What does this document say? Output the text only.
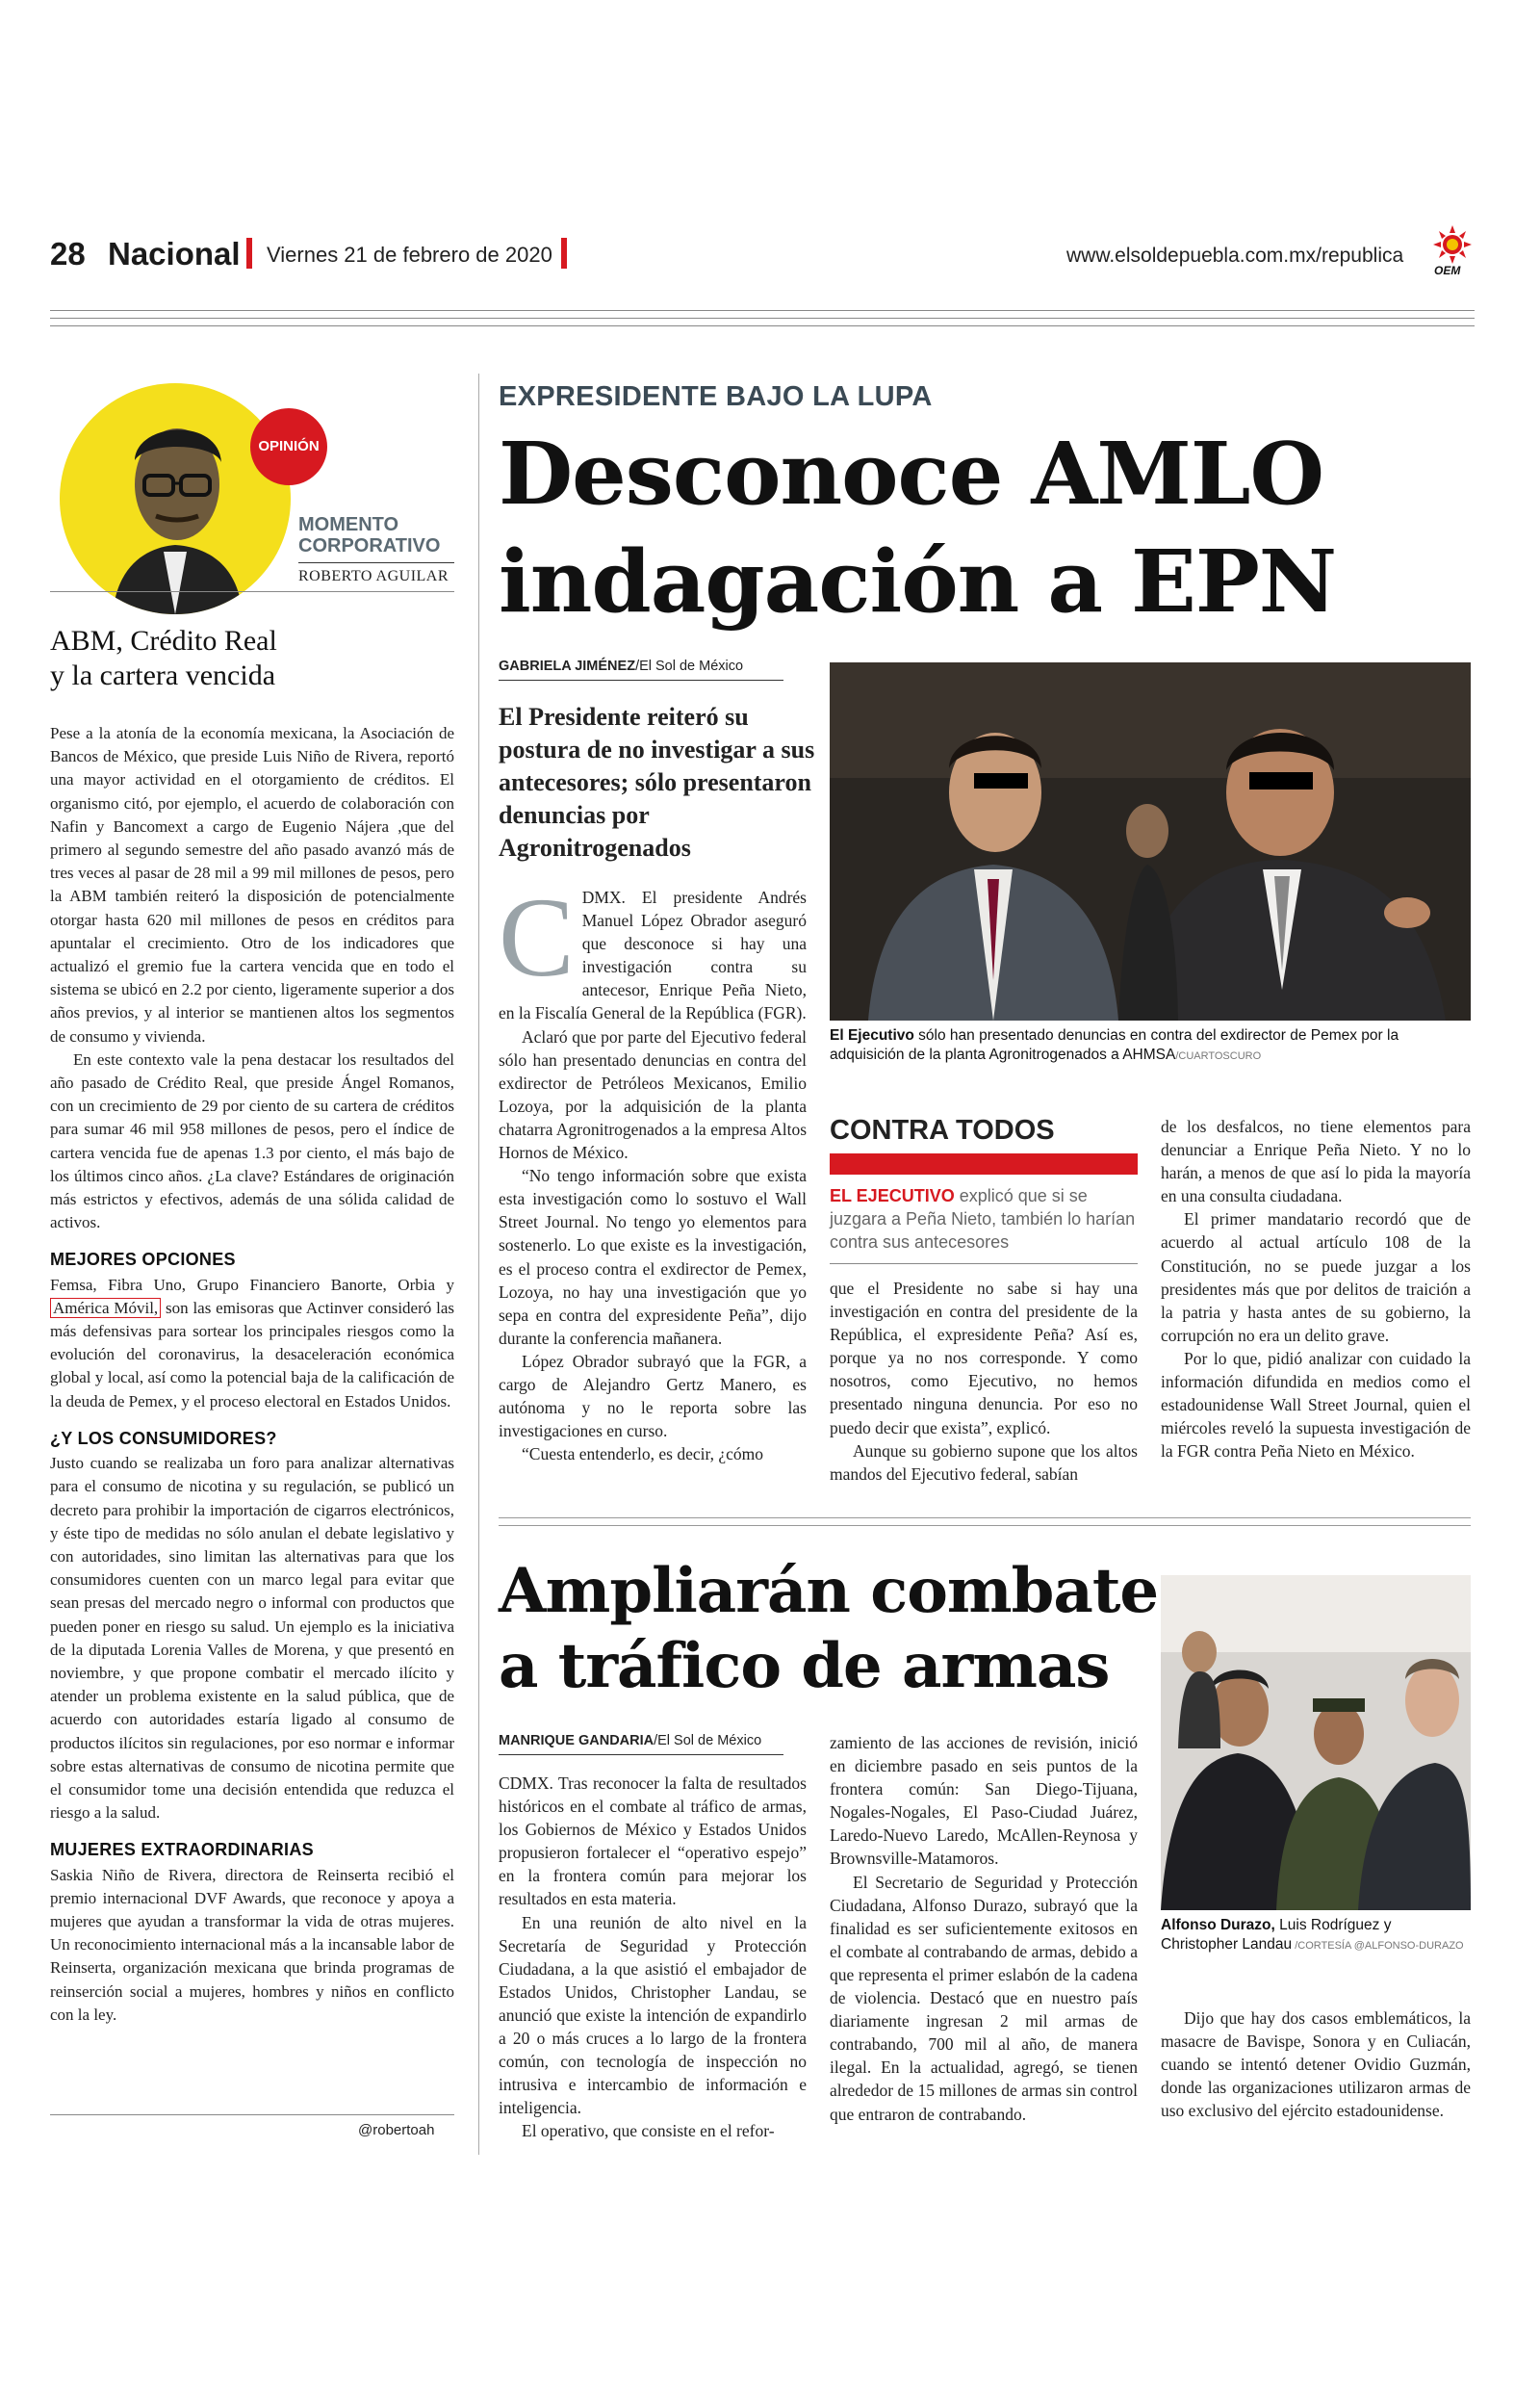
28 Nacional Viernes 21 de febrero de 2020	www.elsoldepuebla.com.mx/republica
OEM
OPINIÓN
MOMENTO
CORPORATIVO
ROBERTO AGUILAR
ABM, Crédito Real
y la cartera vencida

Pese a la atonía de la economía mexicana, la Asociación de Bancos de México, que preside Luis Niño de Rivera, reportó una mayor actividad en el otorgamiento de créditos. El organismo citó, por ejemplo, el acuerdo de colaboración con Nafin y Bancomext a cargo de Eugenio Nájera ,que del primero al segundo semestre del año pasado avanzó más de tres veces al pasar de 28 mil a 99 mil millones de pesos, pero la ABM también reiteró la disposición de potencialmente otorgar hasta 620 mil millones de pesos en créditos para apuntalar el crecimiento. Otro de los indicadores que actualizó el gremio fue la cartera vencida que en todo el sistema se ubicó en 2.2 por ciento, ligeramente superior a dos años previos, y al interior se mantienen altos los segmentos de consumo y vivienda.

En este contexto vale la pena destacar los resultados del año pasado de Crédito Real, que preside Ángel Romanos, con un crecimiento de 29 por ciento de su cartera de créditos para sumar 46 mil 958 millones de pesos, pero el índice de cartera vencida fue de apenas 1.3 por ciento, el más bajo de los últimos cinco años. ¿La clave? Estándares de originación más estrictos y efectivos, además de una sólida calidad de activos.

MEJORES OPCIONES

Femsa, Fibra Uno, Grupo Financiero Banorte, Orbia y América Móvil, son las emisoras que Actinver consideró las más defensivas para sortear los principales riesgos como la evolución del coronavirus, la desaceleración económica global y local, así como la potencial baja de la calificación de la deuda de Pemex, y el proceso electoral en Estados Unidos.

¿Y LOS CONSUMIDORES?

Justo cuando se realizaba un foro para analizar alternativas para el consumo de nicotina y su regulación, se publicó un decreto para prohibir la importación de cigarros electrónicos, y éste tipo de medidas no sólo anulan el debate legislativo y con autoridades, sino limitan las alternativas para que los consumidores cuenten con un marco legal para evitar que sean presas del mercado negro o informal con productos que pueden poner en riesgo su salud. Un ejemplo es la iniciativa de la diputada Lorenia Valles de Morena, y que presentó en noviembre, y que propone combatir el mercado ilícito y atender un problema existente en la salud pública, que de acuerdo con autoridades estaría ligado al consumo de productos ilícitos sin regulaciones, por eso normar e informar sobre estas alternativas de consumo de nicotina permite que el consumidor tome una decisión entendida que reduzca el riesgo a la salud.

MUJERES EXTRAORDINARIAS

Saskia Niño de Rivera, directora de Reinserta recibió el premio internacional DVF Awards, que reconoce y apoya a mujeres que ayudan a transformar la vida de otras mujeres. Un reconocimiento internacional más a la incansable labor de Reinserta, organización mexicana que brinda programas de reinserción social a mujeres, hombres y niños en conflicto con la ley.

@robertoah
EXPRESIDENTE BAJO LA LUPA
Desconoce AMLO
indagación a EPN
GABRIELA JIMÉNEZ/El Sol de México
El Presidente reiteró su postura de no investigar a sus antecesores; sólo presentaron denuncias por Agronitrogenados
El Ejecutivo sólo han presentado denuncias en contra del exdirector de Pemex por la adquisición de la planta Agronitrogenados a AHMSA/CUARTOSCURO
C DMX. El presidente Andrés Manuel López Obrador aseguró que desconoce si hay una investigación contra su antecesor, Enrique Peña Nieto, en la Fiscalía General de la República (FGR).

Aclaró que por parte del Ejecutivo federal sólo han presentado denuncias en contra del exdirector de Petróleos Mexicanos, Emilio Lozoya, por la adquisición de la planta chatarra Agronitrogenados a la empresa Altos Hornos de México.

“No tengo información sobre que exista esta investigación como lo sostuvo el Wall Street Journal. No tengo yo elementos para sostenerlo. Lo que existe es la investigación, es el proceso contra el exdirector de Pemex, Lozoya, no hay una investigación que yo sepa en contra del expresidente Peña”, dijo durante la conferencia mañanera.

López Obrador subrayó que la FGR, a cargo de Alejandro Gertz Manero, es autónoma y no le reporta sobre las investigaciones en curso.

“Cuesta entenderlo, es decir, ¿cómo

CONTRA TODOS
EL EJECUTIVO explicó que si se juzgara a Peña Nieto, también lo harían contra sus antecesores

que el Presidente no sabe si hay una investigación en contra del presidente de la República, el expresidente Peña? Así es, porque ya no nos corresponde. Y como nosotros, como Ejecutivo, no hemos presentado ninguna denuncia. Por eso no puedo decir que exista”, explicó.

Aunque su gobierno supone que los altos mandos del Ejecutivo federal, sabían

de los desfalcos, no tiene elementos para denunciar a Enrique Peña Nieto. Y no lo harán, a menos de que así lo pida la mayoría en una consulta ciudadana.

El primer mandatario recordó que de acuerdo al actual artículo 108 de la Constitución, no se puede juzgar a los presidentes más que por delitos de traición a la patria y hasta antes de su gobierno, la corrupción no era un delito grave.

Por lo que, pidió analizar con cuidado la información difundida en medios como el estadounidense Wall Street Journal, quien el miércoles reveló la supuesta investigación de la FGR contra Peña Nieto en México.

Ampliarán combate
a tráfico de armas
MANRIQUE GANDARIA/El Sol de México

CDMX. Tras reconocer la falta de resultados históricos en el combate al tráfico de armas, los Gobiernos de México y Estados Unidos propusieron fortalecer el “operativo espejo” en la frontera común para mejorar los resultados en esta materia.

En una reunión de alto nivel en la Secretaría de Seguridad y Protección Ciudadana, a la que asistió el embajador de Estados Unidos, Christopher Landau, se anunció que existe la intención de expandirlo a 20 o más cruces a lo largo de la frontera común, con tecnología de inspección no intrusiva e intercambio de información e inteligencia.

El operativo, que consiste en el refor-

zamiento de las acciones de revisión, inició en diciembre pasado en seis puntos de la frontera común: San Diego-Tijuana, Nogales-Nogales, El Paso-Ciudad Juárez, Laredo-Nuevo Laredo, McAllen-Reynosa y Brownsville-Matamoros.

El Secretario de Seguridad y Protección Ciudadana, Alfonso Durazo, subrayó que la finalidad es ser suficientemente exitosos en el combate al contrabando de armas, debido a que representa el primer eslabón de la cadena de violencia. Destacó que en nuestro país diariamente ingresan 2 mil armas de contrabando, 700 mil al año, de manera ilegal. En la actualidad, agregó, se tienen alrededor de 15 millones de armas sin control que entraron de contrabando.

Alfonso Durazo, Luis Rodríguez y Christopher Landau /CORTESÍA @ALFONSO-DURAZO

Dijo que hay dos casos emblemáticos, la masacre de Bavispe, Sonora y en Culiacán, cuando se intentó detener Ovidio Guzmán, donde las organizaciones utilizaron armas de uso exclusivo del ejército estadounidense.
